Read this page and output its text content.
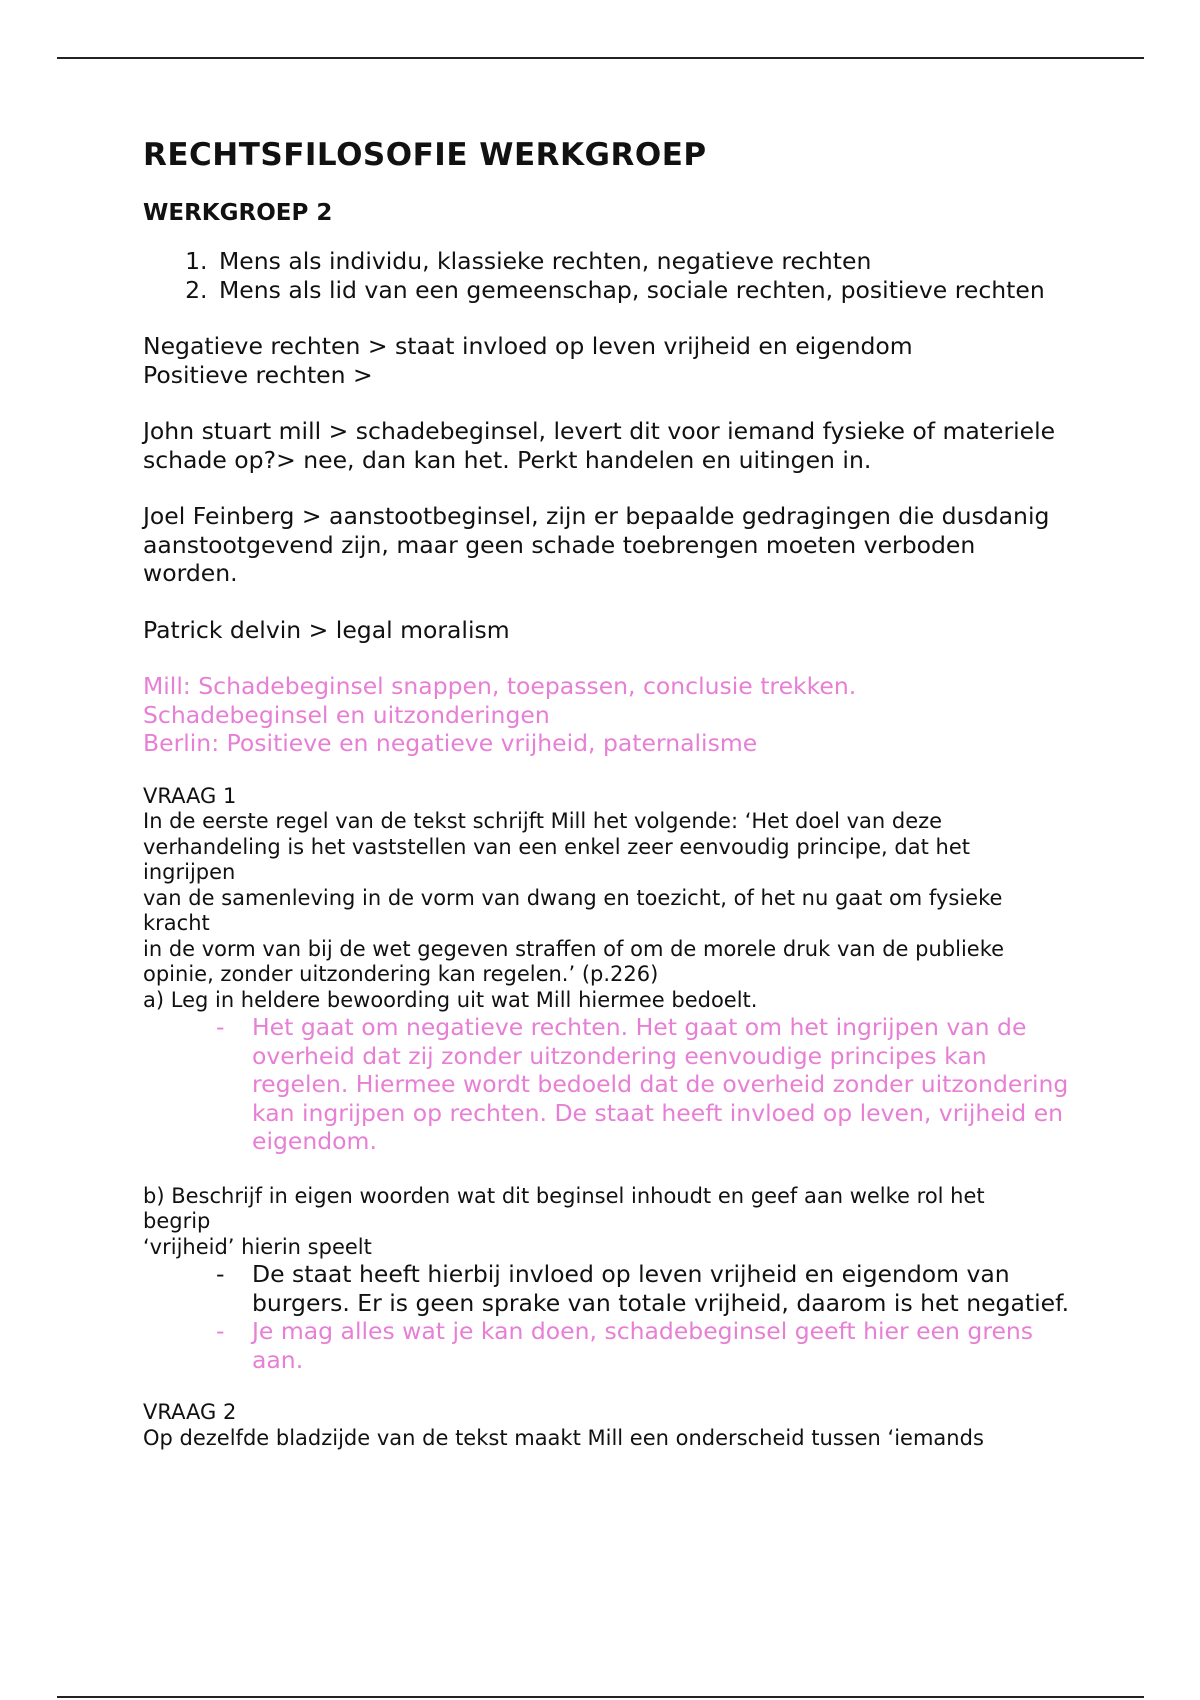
RECHTSFILOSOFIE WERKGROEP
WERKGROEP 2
1. Mens als individu, klassieke rechten, negatieve rechten
2. Mens als lid van een gemeenschap, sociale rechten, positieve rechten
Negatieve rechten > staat invloed op leven vrijheid en eigendom
Positieve rechten >
John stuart mill > schadebeginsel, levert dit voor iemand fysieke of materiele schade op?> nee, dan kan het. Perkt handelen en uitingen in.
Joel Feinberg > aanstootbeginsel, zijn er bepaalde gedragingen die dusdanig aanstootgevend zijn, maar geen schade toebrengen moeten verboden worden.
Patrick delvin > legal moralism
Mill: Schadebeginsel snappen, toepassen, conclusie trekken.
Schadebeginsel en uitzonderingen
Berlin: Positieve en negatieve vrijheid, paternalisme
VRAAG 1
In de eerste regel van de tekst schrijft Mill het volgende: ‘Het doel van deze
verhandeling is het vaststellen van een enkel zeer eenvoudig principe, dat het
ingrijpen
van de samenleving in de vorm van dwang en toezicht, of het nu gaat om fysieke
kracht
in de vorm van bij de wet gegeven straffen of om de morele druk van de publieke
opinie, zonder uitzondering kan regelen.’ (p.226)
a) Leg in heldere bewoording uit wat Mill hiermee bedoelt.
- Het gaat om negatieve rechten. Het gaat om het ingrijpen van de overheid dat zij zonder uitzondering eenvoudige principes kan regelen. Hiermee wordt bedoeld dat de overheid zonder uitzondering kan ingrijpen op rechten. De staat heeft invloed op leven, vrijheid en eigendom.
b) Beschrijf in eigen woorden wat dit beginsel inhoudt en geef aan welke rol het
begrip
‘vrijheid’ hierin speelt
- De staat heeft hierbij invloed op leven vrijheid en eigendom van burgers. Er is geen sprake van totale vrijheid, daarom is het negatief.
- Je mag alles wat je kan doen, schadebeginsel geeft hier een grens aan.
VRAAG 2
Op dezelfde bladzijde van de tekst maakt Mill een onderscheid tussen ‘iemands
